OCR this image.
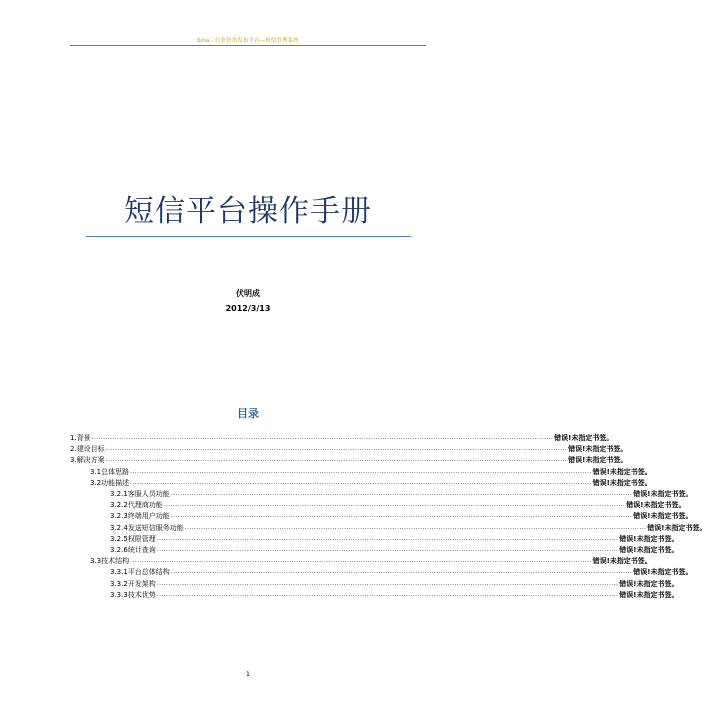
Sina · 行业资讯发布平台—短信管理系统
短信平台操作手册
伏明成
2012/3/13
目录
1. 背景 ........................................................................................................................................................................................................ 错误!未指定书签。
2. 建设目标 ........................................................................................................................................................................................................ 错误!未指定书签。
3. 解决方案 ........................................................................................................................................................................................................ 错误!未指定书签。
3.1 总体思路 ........................................................................................................................................................................................................ 错误!未指定书签。
3.2 功能描述 ........................................................................................................................................................................................................ 错误!未指定书签。
3.2.1 客服人员功能 ........................................................................................................................................................................................................ 错误!未指定书签。
3.2.2 代理商功能 ........................................................................................................................................................................................................ 错误!未指定书签。
3.2.3 终端用户功能 ........................................................................................................................................................................................................ 错误!未指定书签。
3.2.4 发送短信服务功能 ........................................................................................................................................................................................................ 错误!未指定书签。
3.2.5 权限管理 ........................................................................................................................................................................................................ 错误!未指定书签。
3.2.6 统计查询 ........................................................................................................................................................................................................ 错误!未指定书签。
3.3 技术结构 ........................................................................................................................................................................................................ 错误!未指定书签。
3.3.1 平台总体结构 ........................................................................................................................................................................................................ 错误!未指定书签。
3.3.2 开发架构 ........................................................................................................................................................................................................ 错误!未指定书签。
3.3.3 技术优势 ........................................................................................................................................................................................................ 错误!未指定书签。
1
